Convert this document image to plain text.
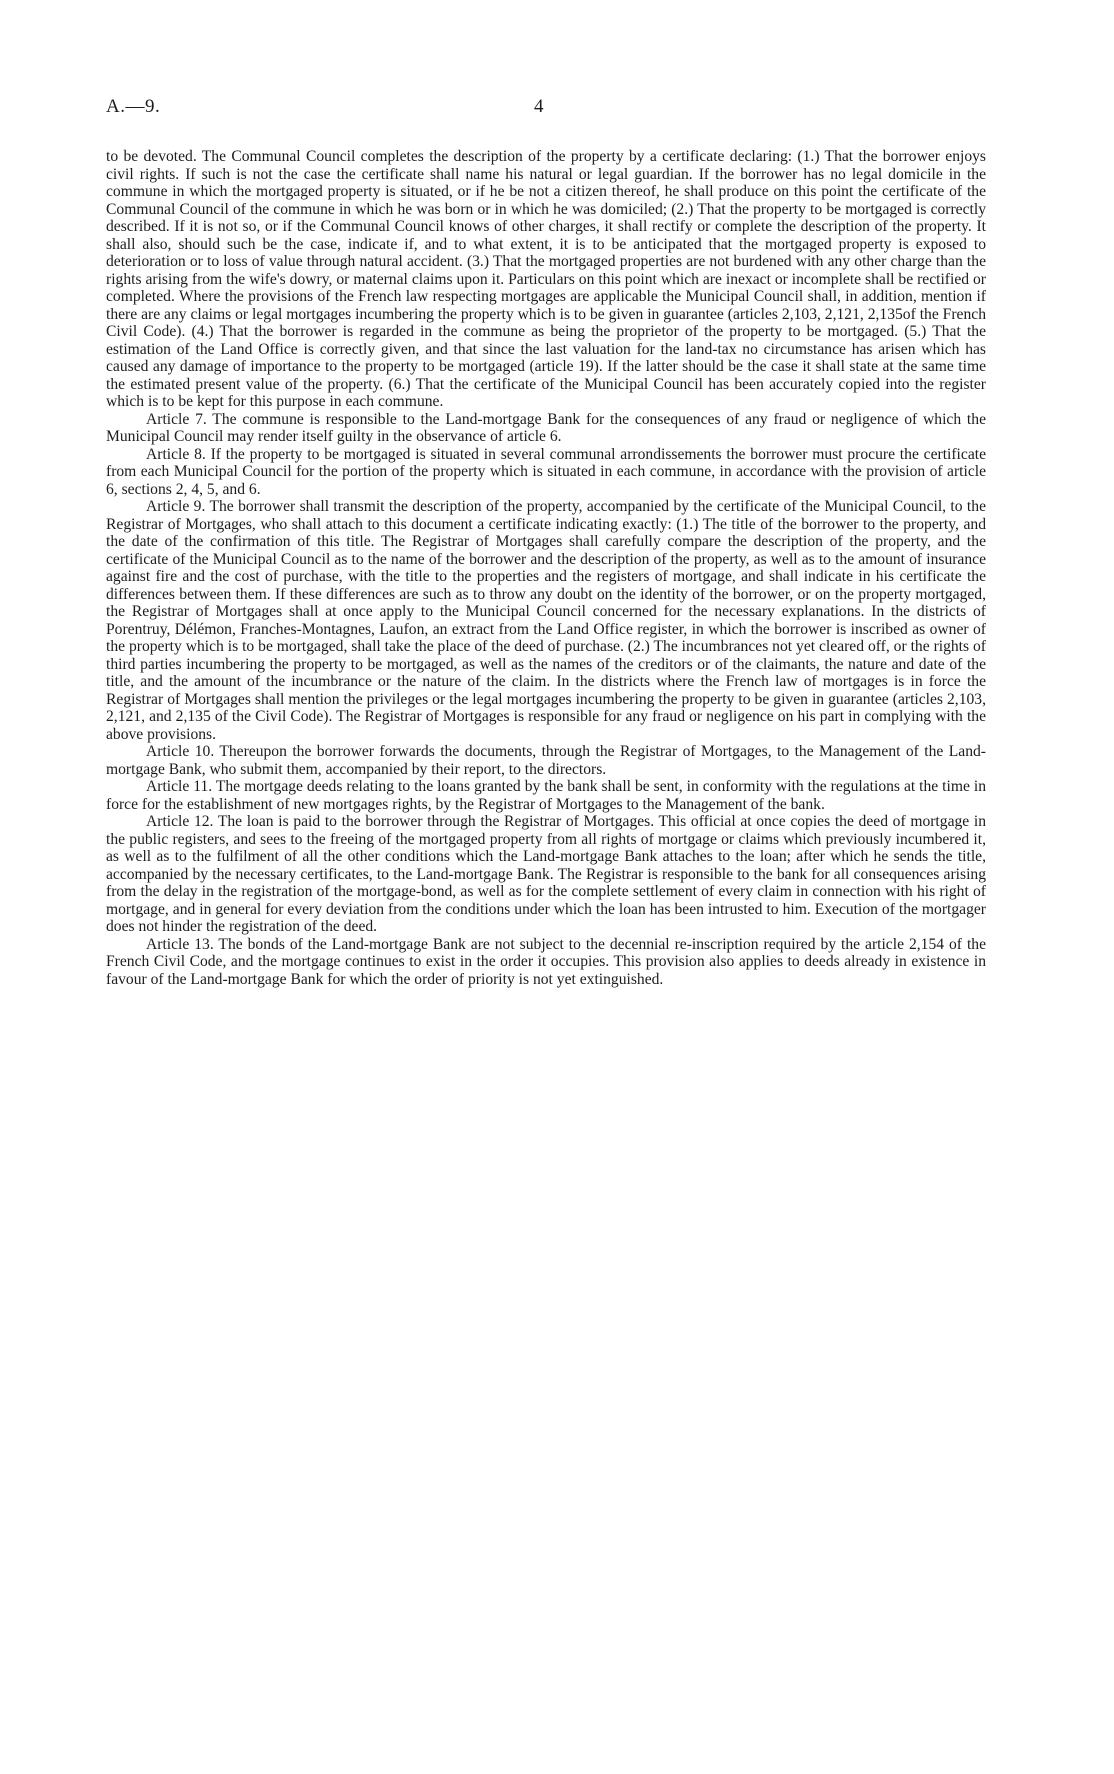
A.—9.	4

to be devoted. The Communal Council completes the description of the property by a certificate declaring: (1.) That the borrower enjoys civil rights. If such is not the case the certificate shall name his natural or legal guardian. If the borrower has no legal domicile in the commune in which the mortgaged property is situated, or if he be not a citizen thereof, he shall produce on this point the certificate of the Communal Council of the commune in which he was born or in which he was domiciled; (2.) That the property to be mortgaged is correctly described. If it is not so, or if the Communal Council knows of other charges, it shall rectify or complete the description of the property. It shall also, should such be the case, indicate if, and to what extent, it is to be anticipated that the mortgaged property is exposed to deterioration or to loss of value through natural accident. (3.) That the mortgaged properties are not burdened with any other charge than the rights arising from the wife's dowry, or maternal claims upon it. Particulars on this point which are inexact or incomplete shall be rectified or completed. Where the provisions of the French law respecting mortgages are applicable the Municipal Council shall, in addition, mention if there are any claims or legal mortgages incumbering the property which is to be given in guarantee (articles 2,103, 2,121, 2,135of the French Civil Code). (4.) That the borrower is regarded in the commune as being the proprietor of the property to be mortgaged. (5.) That the estimation of the Land Office is correctly given, and that since the last valuation for the land-tax no circumstance has arisen which has caused any damage of importance to the property to be mortgaged (article 19). If the latter should be the case it shall state at the same time the estimated present value of the property. (6.) That the certificate of the Municipal Council has been accurately copied into the register which is to be kept for this purpose in each commune.

Article 7. The commune is responsible to the Land-mortgage Bank for the consequences of any fraud or negligence of which the Municipal Council may render itself guilty in the observance of article 6.

Article 8. If the property to be mortgaged is situated in several communal arrondissements the borrower must procure the certificate from each Municipal Council for the portion of the property which is situated in each commune, in accordance with the provision of article 6, sections 2, 4, 5, and 6.

Article 9. The borrower shall transmit the description of the property, accompanied by the certificate of the Municipal Council, to the Registrar of Mortgages, who shall attach to this document a certificate indicating exactly: (1.) The title of the borrower to the property, and the date of the confirmation of this title. The Registrar of Mortgages shall carefully compare the description of the property, and the certificate of the Municipal Council as to the name of the borrower and the description of the property, as well as to the amount of insurance against fire and the cost of purchase, with the title to the properties and the registers of mortgage, and shall indicate in his certificate the differences between them. If these differences are such as to throw any doubt on the identity of the borrower, or on the property mortgaged, the Registrar of Mortgages shall at once apply to the Municipal Council concerned for the necessary explanations. In the districts of Porentruy, Délémon, Franches-Montagnes, Laufon, an extract from the Land Office register, in which the borrower is inscribed as owner of the property which is to be mortgaged, shall take the place of the deed of purchase. (2.) The incumbrances not yet cleared off, or the rights of third parties incumbering the property to be mortgaged, as well as the names of the creditors or of the claimants, the nature and date of the title, and the amount of the incumbrance or the nature of the claim. In the districts where the French law of mortgages is in force the Registrar of Mortgages shall mention the privileges or the legal mortgages incumbering the property to be given in guarantee (articles 2,103, 2,121, and 2,135 of the Civil Code). The Registrar of Mortgages is responsible for any fraud or negligence on his part in complying with the above provisions.

Article 10. Thereupon the borrower forwards the documents, through the Registrar of Mortgages, to the Management of the Land-mortgage Bank, who submit them, accompanied by their report, to the directors.

Article 11. The mortgage deeds relating to the loans granted by the bank shall be sent, in conformity with the regulations at the time in force for the establishment of new mortgages rights, by the Registrar of Mortgages to the Management of the bank.

Article 12. The loan is paid to the borrower through the Registrar of Mortgages. This official at once copies the deed of mortgage in the public registers, and sees to the freeing of the mortgaged property from all rights of mortgage or claims which previously incumbered it, as well as to the fulfilment of all the other conditions which the Land-mortgage Bank attaches to the loan; after which he sends the title, accompanied by the necessary certificates, to the Land-mortgage Bank. The Registrar is responsible to the bank for all consequences arising from the delay in the registration of the mortgage-bond, as well as for the complete settlement of every claim in connection with his right of mortgage, and in general for every deviation from the conditions under which the loan has been intrusted to him. Execution of the mortgager does not hinder the registration of the deed.

Article 13. The bonds of the Land-mortgage Bank are not subject to the decennial re-inscription required by the article 2,154 of the French Civil Code, and the mortgage continues to exist in the order it occupies. This provision also applies to deeds already in existence in favour of the Land-mortgage Bank for which the order of priority is not yet extinguished.
